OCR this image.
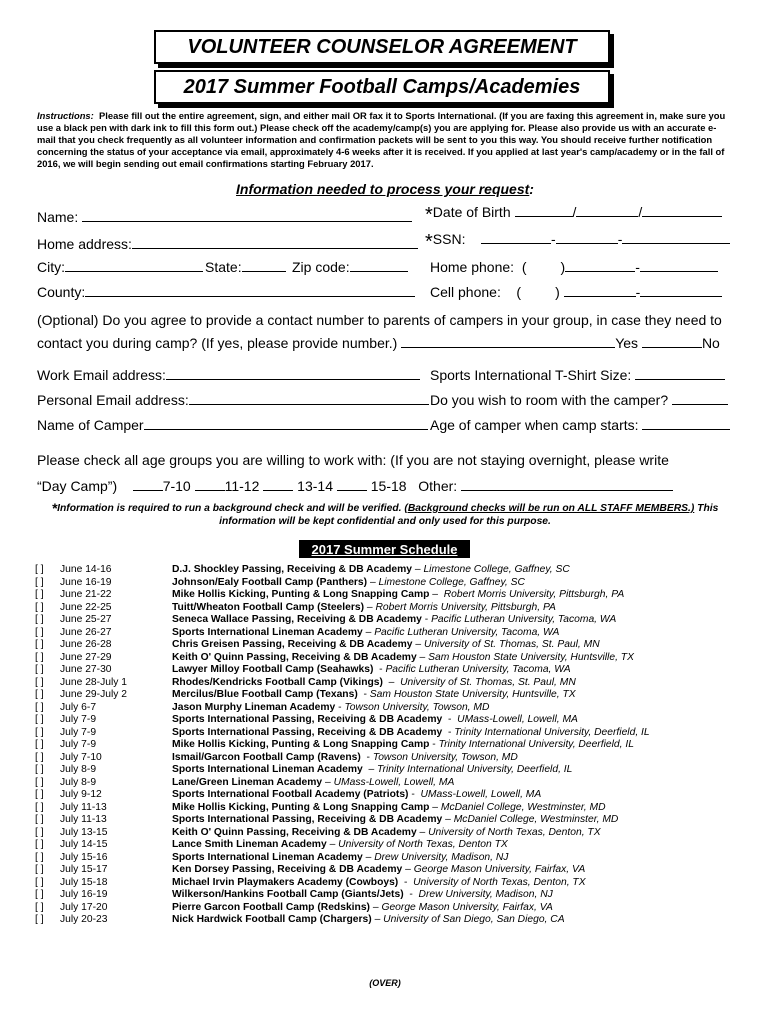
VOLUNTEER COUNSELOR AGREEMENT
2017 Summer Football Camps/Academies
Instructions: Please fill out the entire agreement, sign, and either mail OR fax it to Sports International. (If you are faxing this agreement in, make sure you use a black pen with dark ink to fill this form out.) Please check off the academy/camp(s) you are applying for. Please also provide us with an accurate e-mail that you check frequently as all volunteer information and confirmation packets will be sent to you this way. You should receive further notification concerning the status of your acceptance via email, approximately 4-6 weeks after it is received. If you applied at last year's camp/academy or in the fall of 2016, we will begin sending out email confirmations starting February 2017.
Information needed to process your request:
Name:	*Date of Birth	/	/
Home address:	*SSN:	-	-
City:	State:	Zip code:	Home phone: ( )	-
County:	Cell phone: ( )	-
(Optional) Do you agree to provide a contact number to parents of campers in your group, in case they need to
contact you during camp? (If yes, please provide number.)	Yes	No
Work Email address:	Sports International T-Shirt Size:
Personal Email address:	Do you wish to room with the camper?
Name of Camper	Age of camper when camp starts:
Please check all age groups you are willing to work with: (If you are not staying overnight, please write
“Day Camp”)	7-10 11-12	13-14	15-18 Other:
*Information is required to run a background check and will be verified. (Background checks will be run on ALL STAFF MEMBERS.) This information will be kept confidential and only used for this purpose.
2017 Summer Schedule
[ ]	June 14-16	D.J. Shockley Passing, Receiving & DB Academy – Limestone College, Gaffney, SC
[ ]	June 16-19	Johnson/Ealy Football Camp (Panthers) – Limestone College, Gaffney, SC
[ ]	June 21-22	Mike Hollis Kicking, Punting & Long Snapping Camp –  Robert Morris University, Pittsburgh, PA
[ ]	June 22-25	Tuitt/Wheaton Football Camp (Steelers) – Robert Morris University, Pittsburgh, PA
[ ]	June 25-27	Seneca Wallace Passing, Receiving & DB Academy - Pacific Lutheran University, Tacoma, WA
[ ]	June 26-27	Sports International Lineman Academy – Pacific Lutheran University, Tacoma, WA
[ ]	June 26-28	Chris Greisen Passing, Receiving & DB Academy – University of St. Thomas, St. Paul, MN
[ ]	June 27-29	Keith O' Quinn Passing, Receiving & DB Academy – Sam Houston State University, Huntsville, TX
[ ]	June 27-30	Lawyer Milloy Football Camp (Seahawks)  - Pacific Lutheran University, Tacoma, WA
[ ]	June 28-July 1	Rhodes/Kendricks Football Camp (Vikings)  –  University of St. Thomas, St. Paul, MN
[ ]	June 29-July 2	Mercilus/Blue Football Camp (Texans)  - Sam Houston State University, Huntsville, TX
[ ]	July 6-7	Jason Murphy Lineman Academy - Towson University, Towson, MD
[ ]	July 7-9	Sports International Passing, Receiving & DB Academy  -  UMass-Lowell, Lowell, MA
[ ]	July 7-9	Sports International Passing, Receiving & DB Academy  - Trinity International University, Deerfield, IL
[ ]	July 7-9	Mike Hollis Kicking, Punting & Long Snapping Camp - Trinity International University, Deerfield, IL
[ ]	July 7-10	Ismail/Garcon Football Camp (Ravens)  - Towson University, Towson, MD
[ ]	July 8-9	Sports International Lineman Academy  – Trinity International University, Deerfield, IL
[ ]	July 8-9	Lane/Green Lineman Academy – UMass-Lowell, Lowell, MA
[ ]	July 9-12	Sports International Football Academy (Patriots) -  UMass-Lowell, Lowell, MA
[ ]	July 11-13	Mike Hollis Kicking, Punting & Long Snapping Camp – McDaniel College, Westminster, MD
[ ]	July 11-13	Sports International Passing, Receiving & DB Academy – McDaniel College, Westminster, MD
[ ]	July 13-15	Keith O' Quinn Passing, Receiving & DB Academy – University of North Texas, Denton, TX
[ ]	July 14-15	Lance Smith Lineman Academy – University of North Texas, Denton TX
[ ]	July 15-16	Sports International Lineman Academy – Drew University, Madison, NJ
[ ]	July 15-17	Ken Dorsey Passing, Receiving & DB Academy – George Mason University, Fairfax, VA
[ ]	July 15-18	Michael Irvin Playmakers Academy (Cowboys)  -  University of North Texas, Denton, TX
[ ]	July 16-19	Wilkerson/Hankins Football Camp (Giants/Jets)  -  Drew University, Madison, NJ
[ ]	July 17-20	Pierre Garcon Football Camp (Redskins) – George Mason University, Fairfax, VA
[ ]	July 20-23	Nick Hardwick Football Camp (Chargers) – University of San Diego, San Diego, CA
(OVER)
